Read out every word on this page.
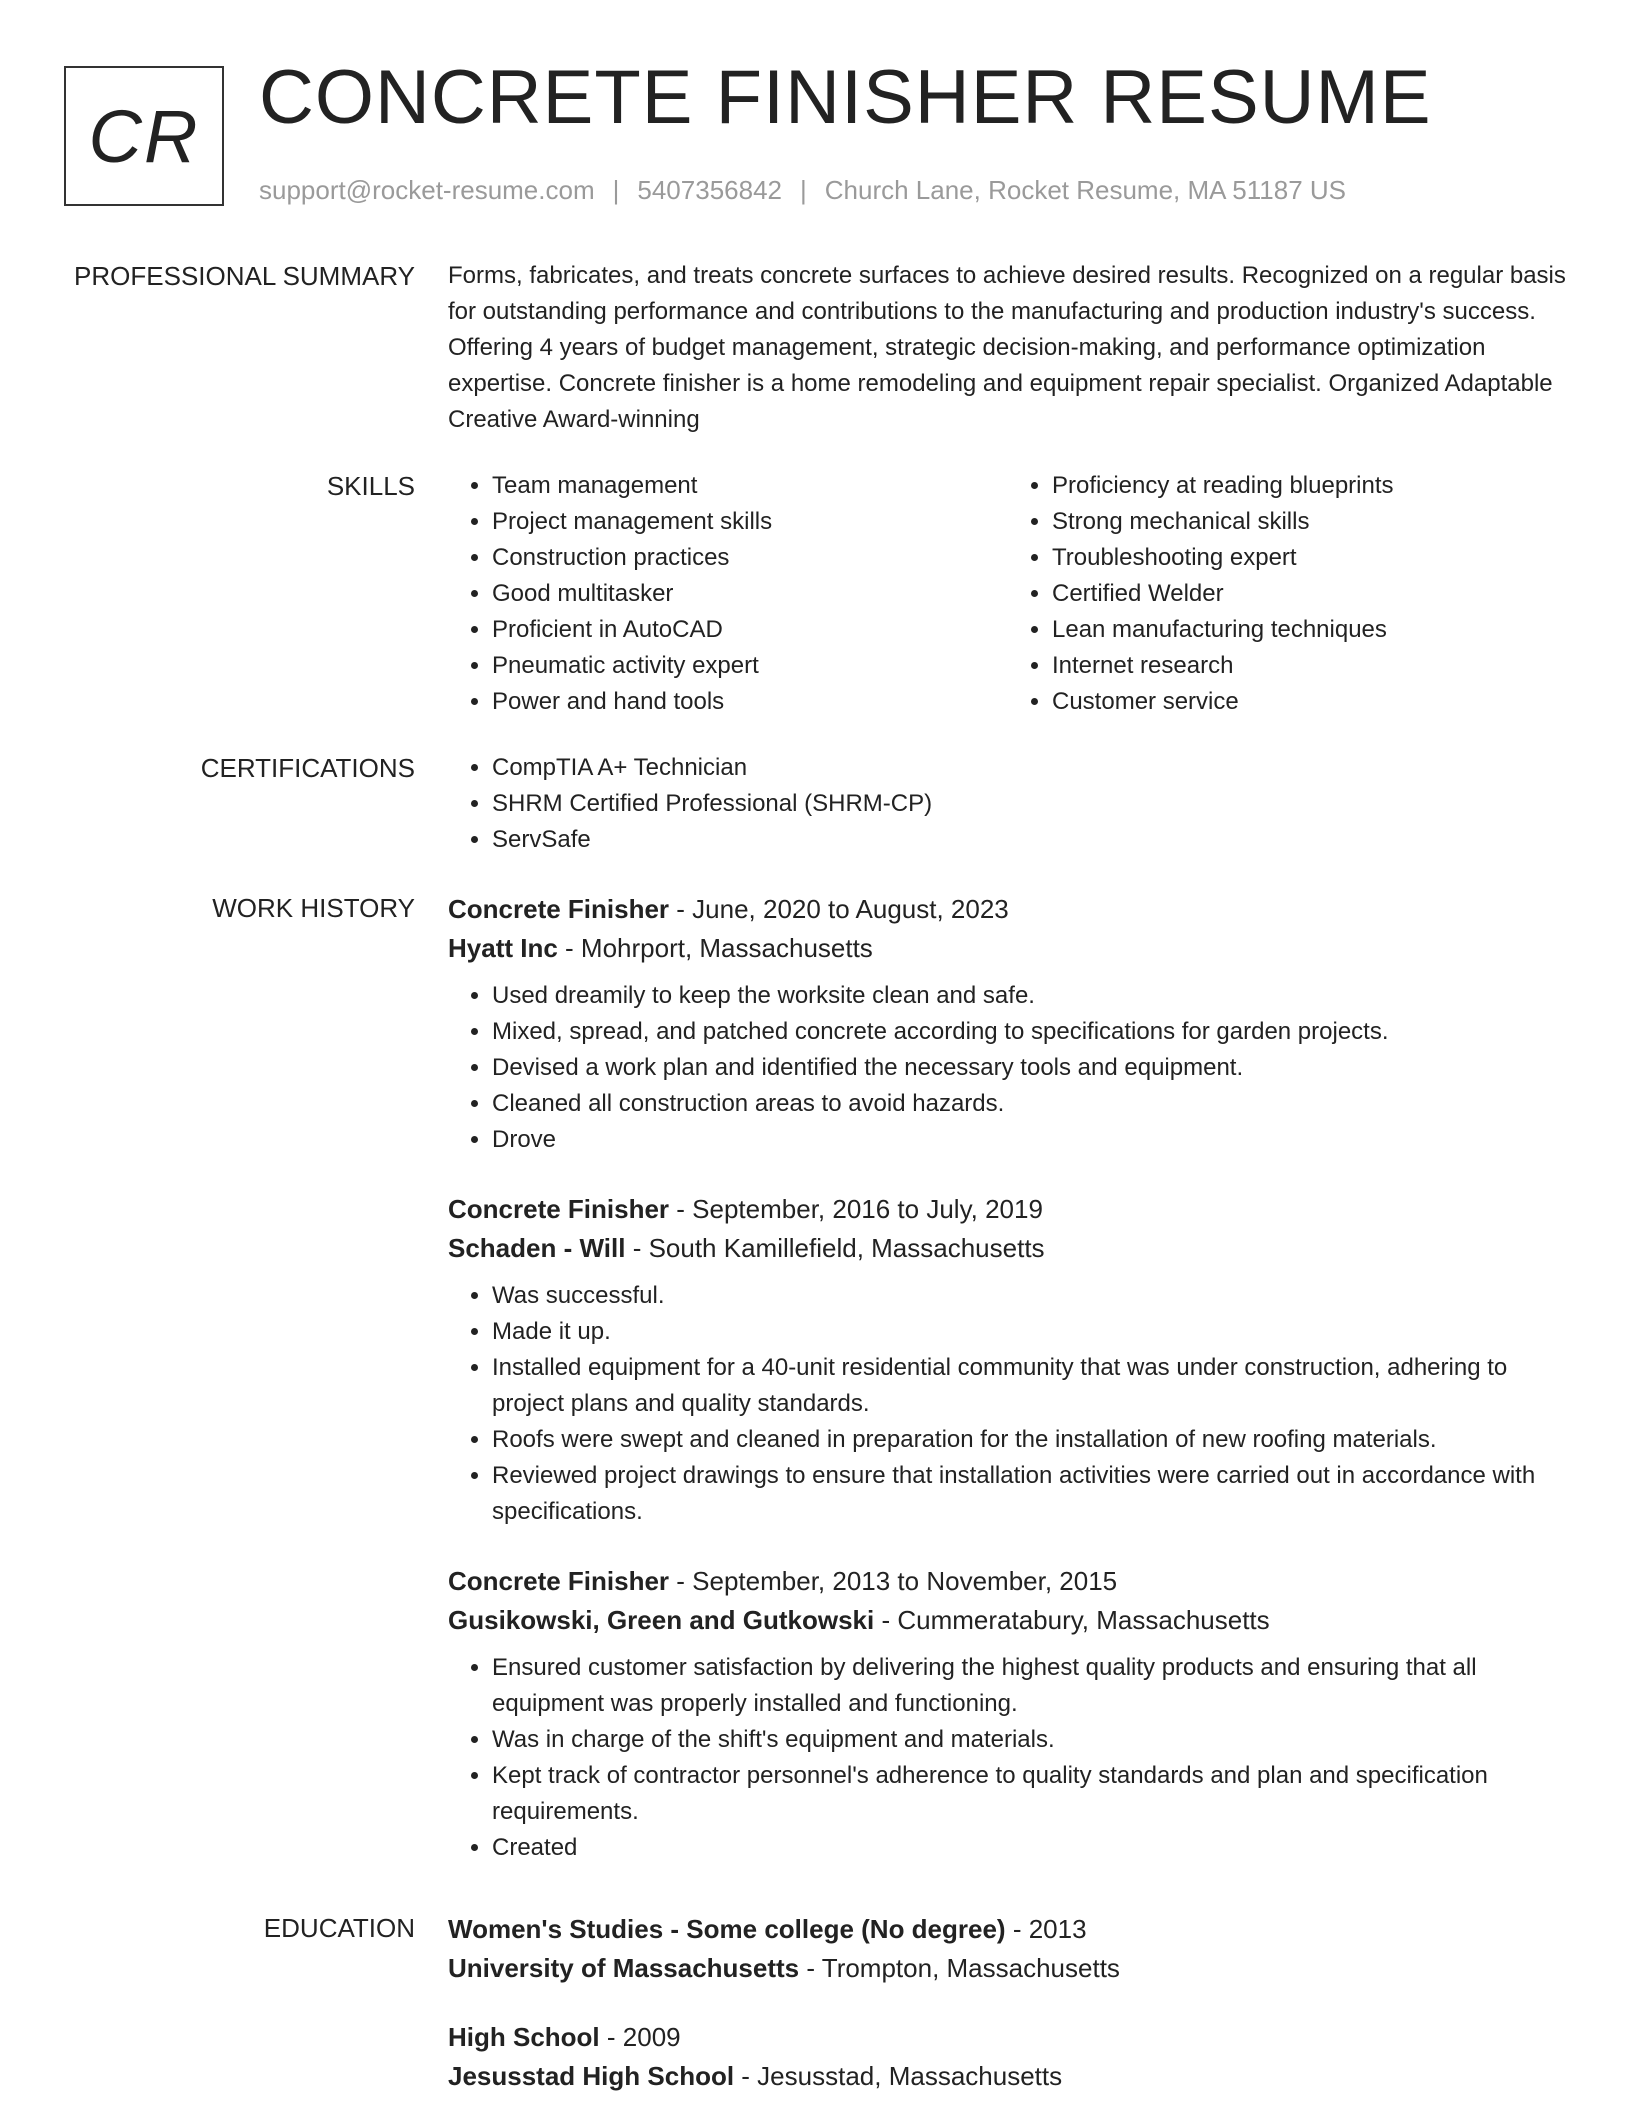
CR CONCRETE FINISHER RESUME
support@rocket-resume.com | 5407356842 | Church Lane, Rocket Resume, MA 51187 US
PROFESSIONAL SUMMARY Forms, fabricates, and treats concrete surfaces to achieve desired results. Recognized on a regular basis for outstanding performance and contributions to the manufacturing and production industry's success. Offering 4 years of budget management, strategic decision-making, and performance optimization expertise. Concrete finisher is a home remodeling and equipment repair specialist. Organized Adaptable Creative Award-winning
SKILLS	• Team management
• Project management skills
• Construction practices
• Good multitasker
• Proficient in AutoCAD
• Pneumatic activity expert
• Power and hand tools
• Proficiency at reading blueprints
• Strong mechanical skills
• Troubleshooting expert
• Certified Welder
• Lean manufacturing techniques
• Internet research
• Customer service
CERTIFICATIONS	• CompTIA A+ Technician
• SHRM Certified Professional (SHRM-CP)
• ServSafe
WORK HISTORY Concrete Finisher - June, 2020 to August, 2023
Hyatt Inc - Mohrport, Massachusetts
• Used dreamily to keep the worksite clean and safe.
• Mixed, spread, and patched concrete according to specifications for garden projects.
• Devised a work plan and identified the necessary tools and equipment.
• Cleaned all construction areas to avoid hazards.
• Drove
Concrete Finisher - September, 2016 to July, 2019
Schaden - Will - South Kamillefield, Massachusetts
• Was successful.
• Made it up.
• Installed equipment for a 40-unit residential community that was under construction, adhering to project plans and quality standards.
• Roofs were swept and cleaned in preparation for the installation of new roofing materials.
• Reviewed project drawings to ensure that installation activities were carried out in accordance with specifications.
Concrete Finisher - September, 2013 to November, 2015
Gusikowski, Green and Gutkowski - Cummeratabury, Massachusetts
• Ensured customer satisfaction by delivering the highest quality products and ensuring that all equipment was properly installed and functioning.
• Was in charge of the shift's equipment and materials.
• Kept track of contractor personnel's adherence to quality standards and plan and specification requirements.
• Created
EDUCATION Women's Studies - Some college (No degree) - 2013
University of Massachusetts - Trompton, Massachusetts
High School - 2009
Jesusstad High School - Jesusstad, Massachusetts
